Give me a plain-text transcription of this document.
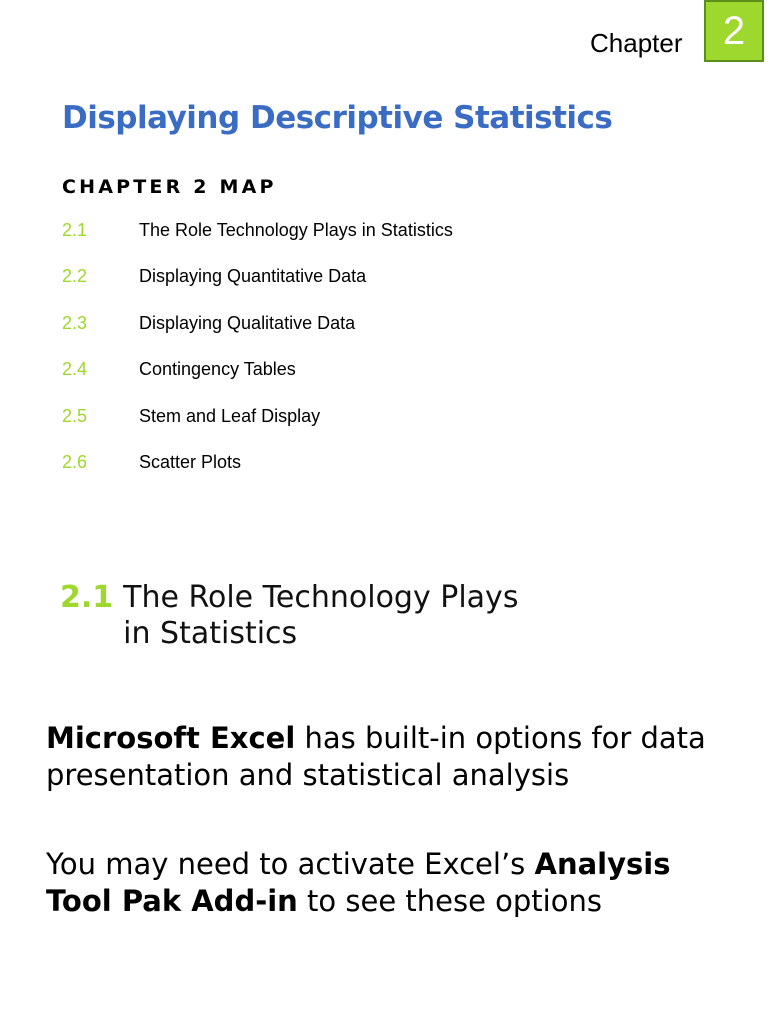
Chapter	2
Displaying Descriptive Statistics
CHAPTER 2 MAP
2.1	The Role Technology Plays in Statistics
2.2	Displaying Quantitative Data
2.3	Displaying Qualitative Data
2.4	Contingency Tables
2.5	Stem and Leaf Display
2.6	Scatter Plots
2.1 The Role Technology Plays in Statistics

Microsoft Excel has built-in options for data presentation and statistical analysis

You may need to activate Excel’s Analysis Tool Pak Add-in to see these options
